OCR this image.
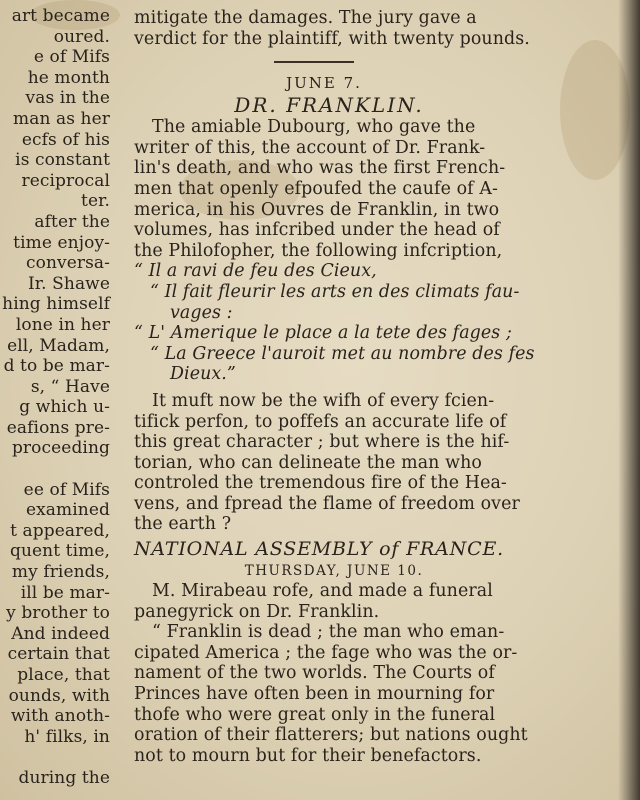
art became
oured.
e of Mifs
he month
vas in the
man as her
ecfs of his
is constant
reciprocal
ter.
after the
time enjoy-
conversa-
Ir. Shawe
hing himself
lone in her
ell, Madam,
d to be mar-
s, “ Have
g which u-
eafions pre-
proceeding

ee of Mifs
examined
t appeared,
quent time,
my friends,
ill be mar-
y brother to
And indeed
certain that
place, that
ounds, with
with anoth-
h' filks, in

during the
mitigate the damages. The jury gave a
verdict for the plaintiff, with twenty pounds.
JUNE 7.
DR. FRANKLIN.
The amiable Dubourg, who gave the
writer of this, the account of Dr. Frank-
lin's death, and who was the first French-
men that openly efpoufed the caufe of A-
merica, in his Ouvres de Franklin, in two
volumes, has infcribed under the head of
the Philofopher, the following infcription,
“ Il a ravi de feu des Cieux,
“ Il fait fleurir les arts en des climats fau-
vages :
“ L' Amerique le place a la tete des fages ;
“ La Greece l'auroit met au nombre des fes
Dieux.”
It muft now be the wifh of every fcien-
tifick perfon, to poffefs an accurate life of
this great character ; but where is the hif-
torian, who can delineate the man who
controled the tremendous fire of the Hea-
vens, and fpread the flame of freedom over
the earth ?
NATIONAL ASSEMBLY of FRANCE.
THURSDAY, JUNE 10.
M. Mirabeau rofe, and made a funeral
panegyrick on Dr. Franklin.
“ Franklin is dead ; the man who eman-
cipated America ; the fage who was the or-
nament of the two worlds. The Courts of
Princes have often been in mourning for
thofe who were great only in the funeral
oration of their flatterers; but nations ought
not to mourn but for their benefactors.
